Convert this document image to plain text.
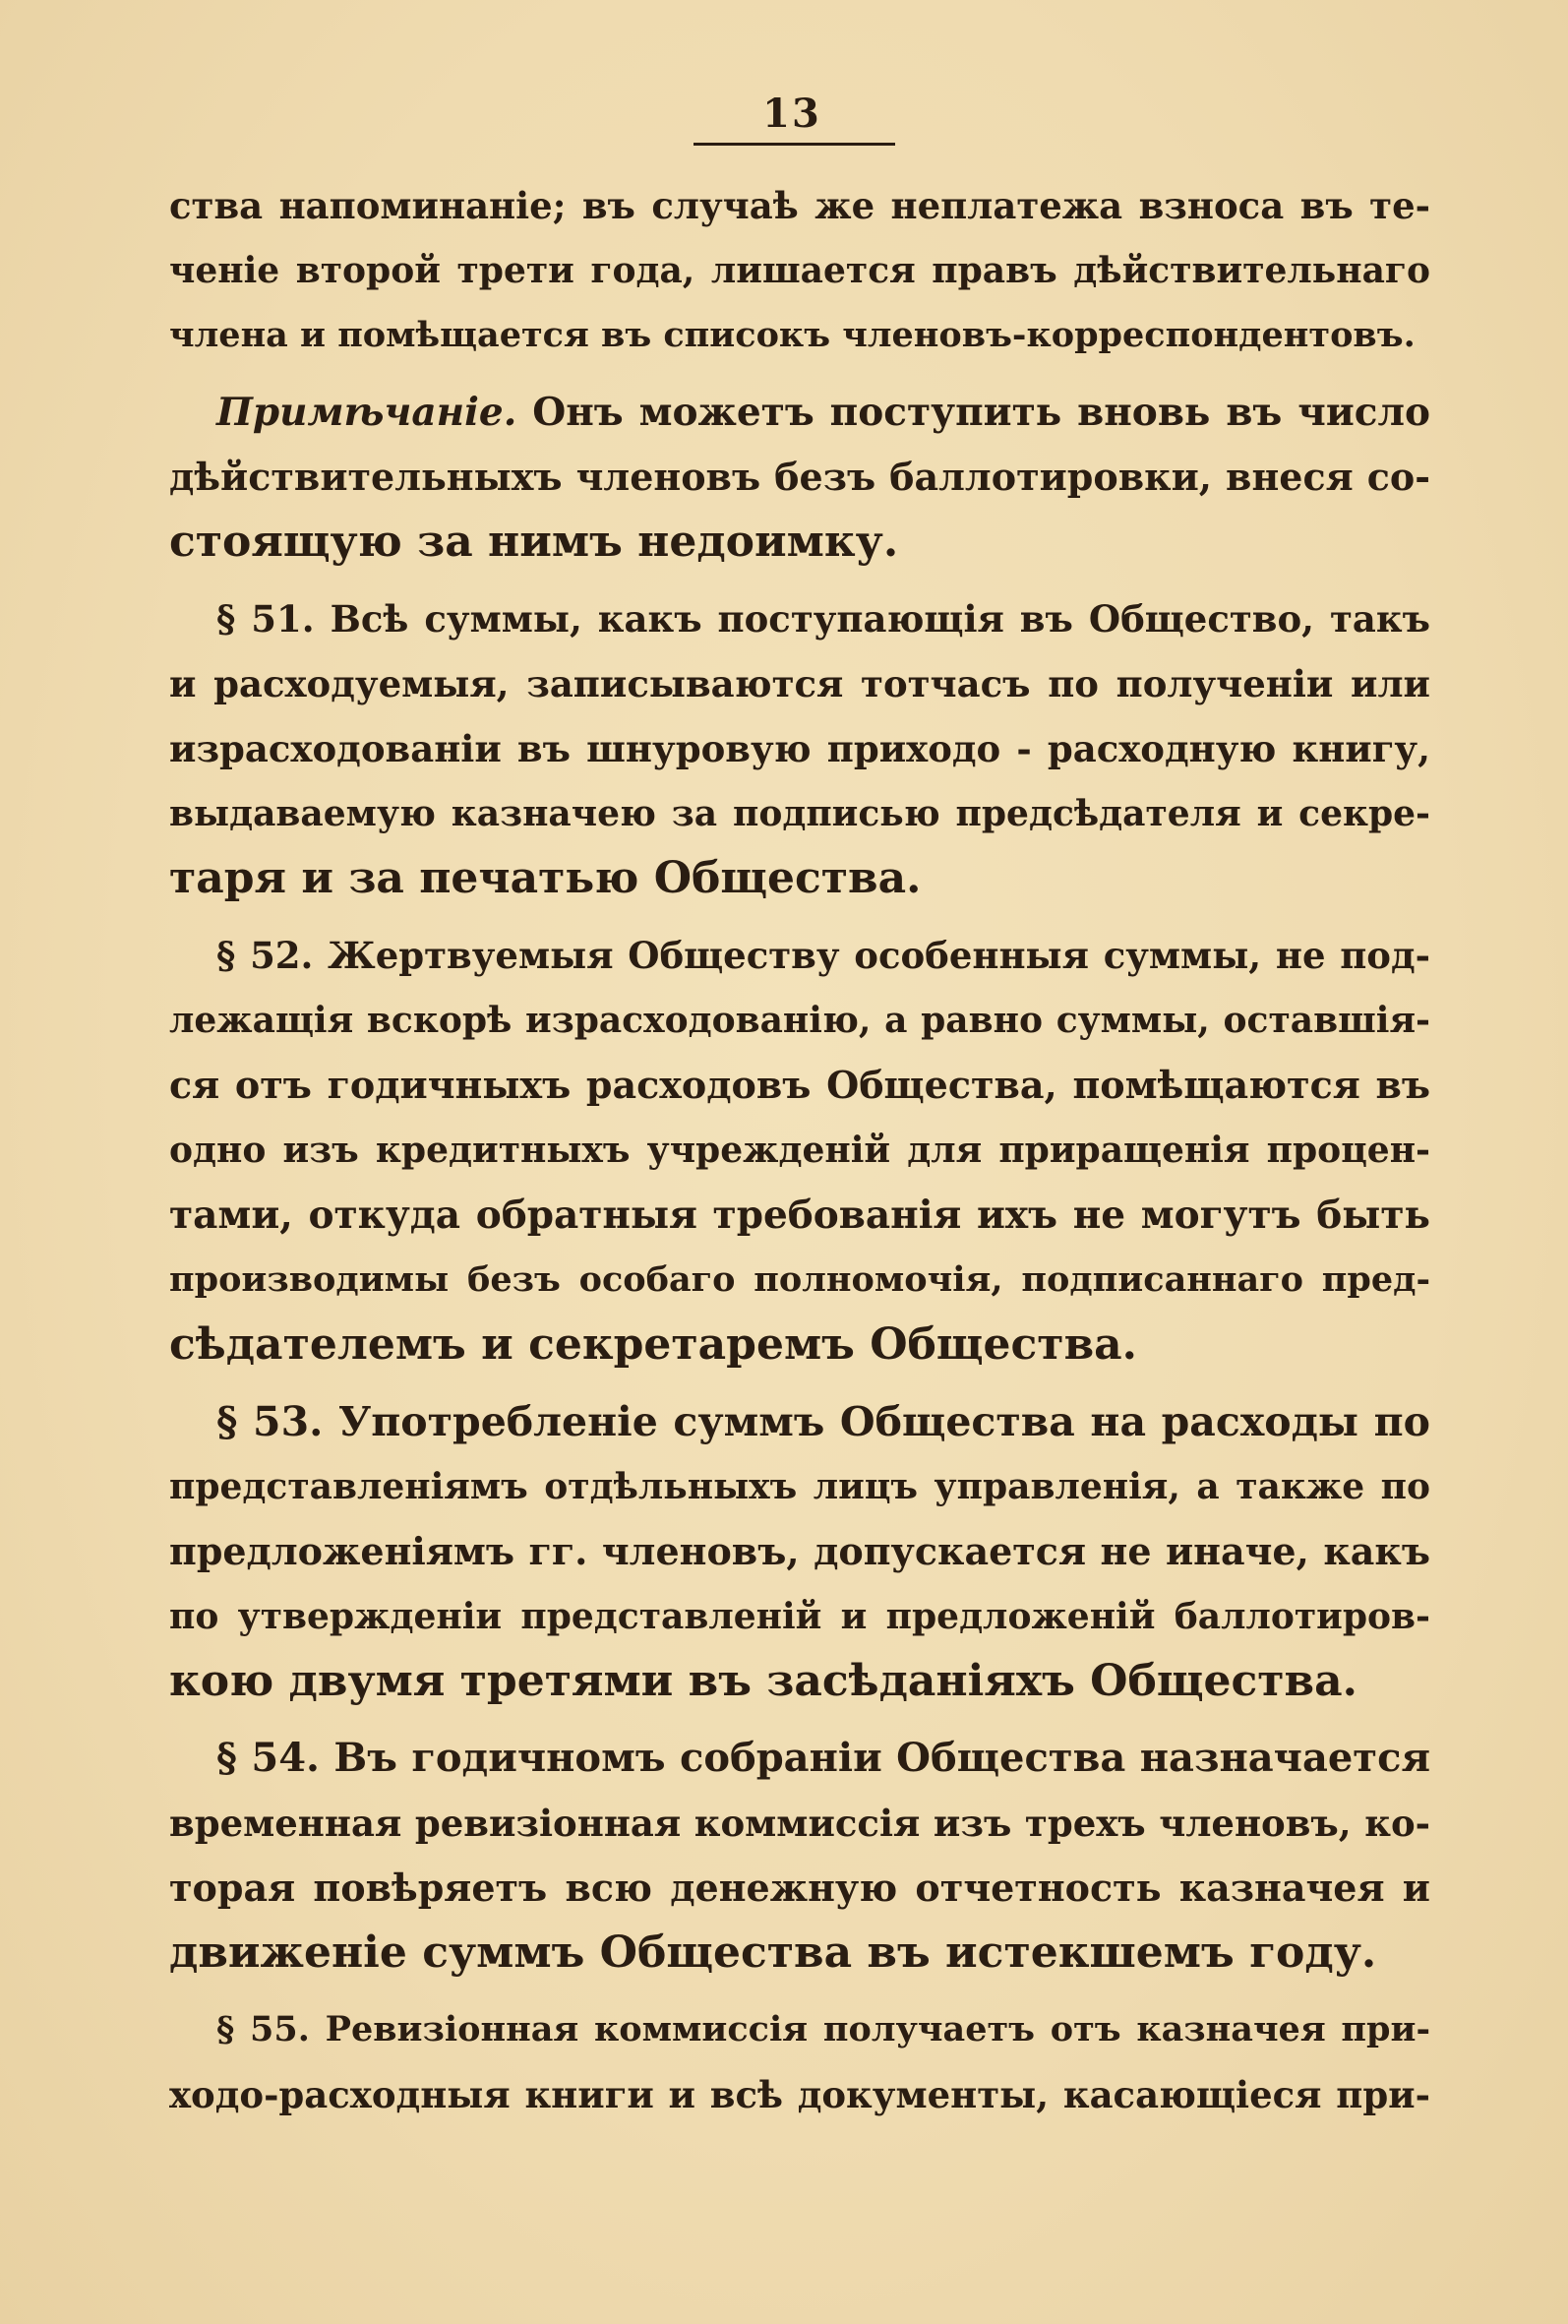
13
ства напоминаніе; въ случаѣ же неплатежа взноса въ те-
ченіе второй трети года, лишается правъ дѣйствительнаго
члена и помѣщается въ списокъ членовъ-корреспондентовъ.
Примѣчаніе. Онъ можетъ поступить вновь въ число
дѣйствительныхъ членовъ безъ баллотировки, внеся со-
стоящую за нимъ недоимку.
§ 51. Всѣ суммы, какъ поступающія въ Общество, такъ
и расходуемыя, записываются тотчасъ по полученіи или
израсходованіи въ шнуровую приходо - расходную книгу,
выдаваемую казначею за подписью предсѣдателя и секре-
таря и за печатью Общества.
§ 52. Жертвуемыя Обществу особенныя суммы, не под-
лежащія вскорѣ израсходованію, а равно суммы, оставшія-
ся отъ годичныхъ расходовъ Общества, помѣщаются въ
одно изъ кредитныхъ учрежденій для приращенія процен-
тами, откуда обратныя требованія ихъ не могутъ быть
производимы безъ особаго полномочія, подписаннаго пред-
сѣдателемъ и секретаремъ Общества.
§ 53. Употребленіе суммъ Общества на расходы по
представленіямъ отдѣльныхъ лицъ управленія, а также по
предложеніямъ гг. членовъ, допускается не иначе, какъ
по утвержденіи представленій и предложеній баллотиров-
кою двумя третями въ засѣданіяхъ Общества.
§ 54. Въ годичномъ собраніи Общества назначается
временная ревизіонная коммиссія изъ трехъ членовъ, ко-
торая повѣряетъ всю денежную отчетность казначея и
движеніе суммъ Общества въ истекшемъ году.
§ 55. Ревизіонная коммиссія получаетъ отъ казначея при-
ходо-расходныя книги и всѣ документы, касающіеся при-
